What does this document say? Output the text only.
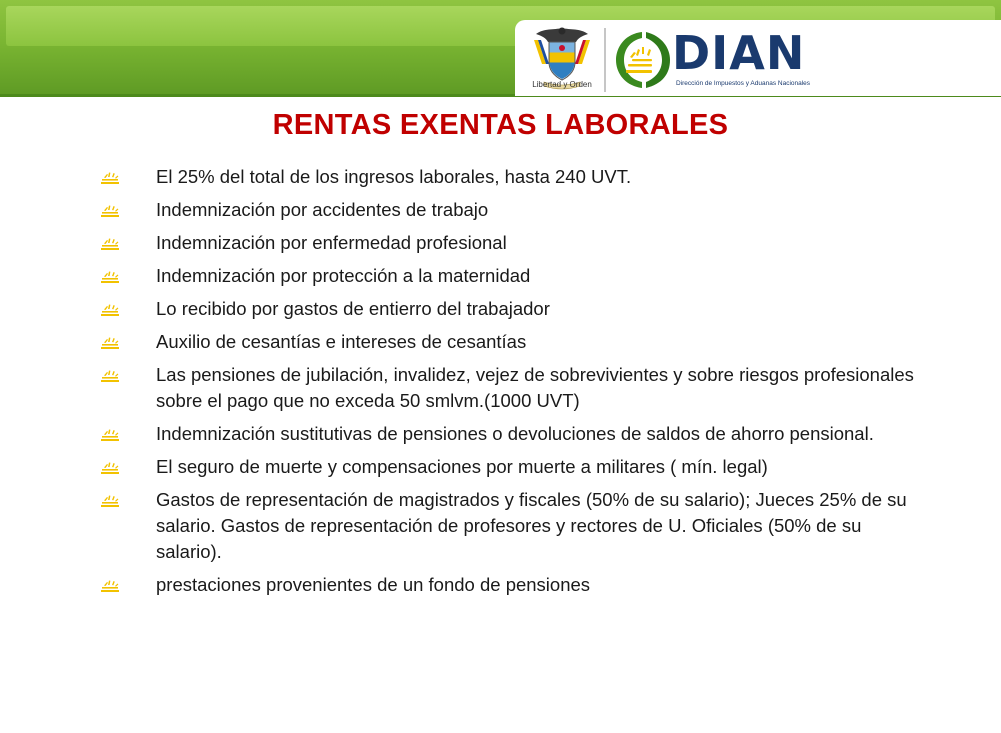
Libertad y Orden
DIAN
Dirección de Impuestos y Aduanas Nacionales
RENTAS EXENTAS LABORALES
El 25% del total de los ingresos laborales, hasta 240 UVT.
Indemnización por accidentes de trabajo
Indemnización por enfermedad profesional
Indemnización por protección a la maternidad
Lo recibido por gastos de entierro del trabajador
Auxilio de cesantías e intereses de cesantías
Las pensiones de jubilación, invalidez, vejez de sobrevivientes y sobre riesgos profesionales sobre el pago que no exceda 50 smlvm.(1000 UVT)
Indemnización sustitutivas de pensiones o devoluciones de saldos de ahorro pensional.
El seguro de muerte y compensaciones por muerte a militares ( mín. legal)
Gastos de representación de magistrados y fiscales (50% de su salario); Jueces 25% de su salario. Gastos de representación de profesores y rectores de U. Oficiales (50% de su salario).
prestaciones provenientes de un fondo de pensiones
